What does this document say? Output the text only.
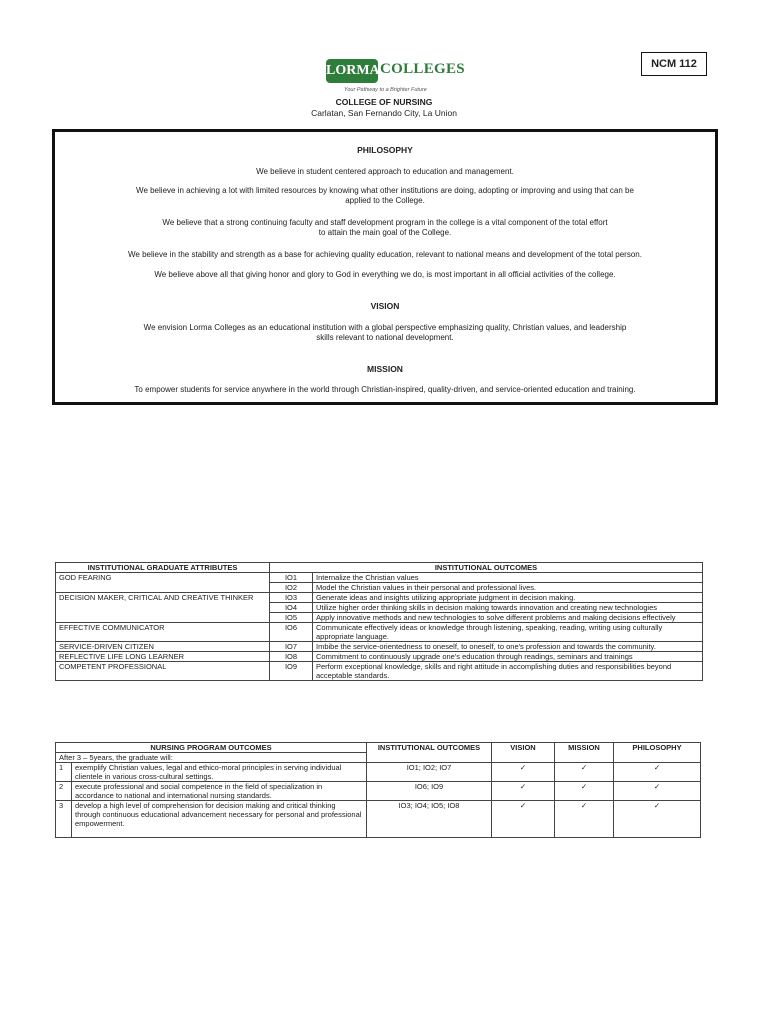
NCM 112
LORMA COLLEGES
Your Pathway to a Brighter Future
COLLEGE OF NURSING
Carlatan, San Fernando City, La Union
PHILOSOPHY
We believe in student centered approach to education and management.
We believe in achieving a lot with limited resources by knowing what other institutions are doing, adopting or improving and using that can be applied to the College.
We believe that a strong continuing faculty and staff development program in the college is a vital component of the total effort to attain the main goal of the College.
We believe in the stability and strength as a base for achieving quality education, relevant to national means and development of the total person.
We believe above all that giving honor and glory to God in everything we do, is most important in all official activities of the college.
VISION
We envision Lorma Colleges as an educational institution with a global perspective emphasizing quality, Christian values, and leadership skills relevant to national development.
MISSION
To empower students for service anywhere in the world through Christian-inspired, quality-driven, and service-oriented education and training.
INSTITUTIONAL GRADUATE ATTRIBUTES	INSTITUTIONAL OUTCOMES	
GOD FEARING	IO1	Internalize the Christian values
	IO2	Model the Christian values in their personal and professional lives.
DECISION MAKER, CRITICAL AND CREATIVE THINKER	IO3	Generate ideas and insights utilizing appropriate judgment in decision making.
	IO4	Utilize higher order thinking skills in decision making towards innovation and creating new technologies
	IO5	Apply innovative methods and new technologies to solve different problems and making decisions effectively
EFFECTIVE COMMUNICATOR	IO6	Communicate effectively ideas or knowledge through listening, speaking, reading, writing using culturally appropriate language.
SERVICE-DRIVEN CITIZEN	IO7	Imbibe the service-orientedness to oneself, to oneself, to one's profession and towards the community.
REFLECTIVE LIFE LONG LEARNER	IO8	Commitment to continuously upgrade one's education through readings, seminars and trainings
COMPETENT PROFESSIONAL	IO9	Perform exceptional knowledge, skills and right attitude in accomplishing duties and responsibilities beyond acceptable standards.
NURSING PROGRAM OUTCOMES		INSTITUTIONAL OUTCOMES	VISION	MISSION	PHILOSOPHY
After 3 – 5years, the graduate will:					
1	exemplify Christian values, legal and ethico-moral principles in serving individual clientele in various cross-cultural settings.	IO1; IO2; IO7	✓	✓	✓
2	execute professional and social competence in the field of specialization in accordance to national and international nursing standards.	IO6; IO9	✓	✓	✓
3	develop a high level of comprehension for decision making and critical thinking through continuous educational advancement necessary for personal and professional empowerment.	IO3; IO4; IO5; IO8	✓	✓	✓
